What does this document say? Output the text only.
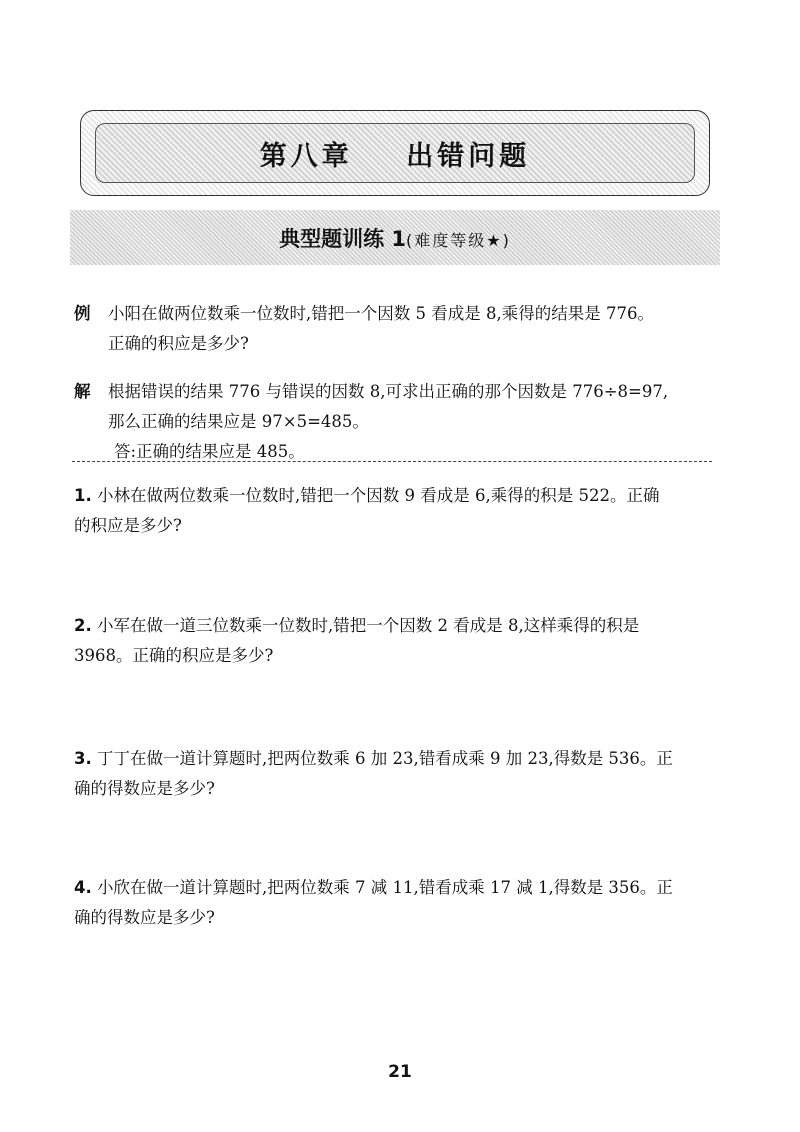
第八章    出错问题
典型题训练 1(难度等级★)
例 小阳在做两位数乘一位数时,错把一个因数 5 看成是 8,乘得的结果是 776。
正确的积应是多少?
解 根据错误的结果 776 与错误的因数 8,可求出正确的那个因数是 776÷8=97,
那么正确的结果应是 97×5=485。
答:正确的结果应是 485。
1. 小林在做两位数乘一位数时,错把一个因数 9 看成是 6,乘得的积是 522。正确
的积应是多少?
2. 小军在做一道三位数乘一位数时,错把一个因数 2 看成是 8,这样乘得的积是
3968。正确的积应是多少?
3. 丁丁在做一道计算题时,把两位数乘 6 加 23,错看成乘 9 加 23,得数是 536。正
确的得数应是多少?
4. 小欣在做一道计算题时,把两位数乘 7 减 11,错看成乘 17 减 1,得数是 356。正
确的得数应是多少?
21
